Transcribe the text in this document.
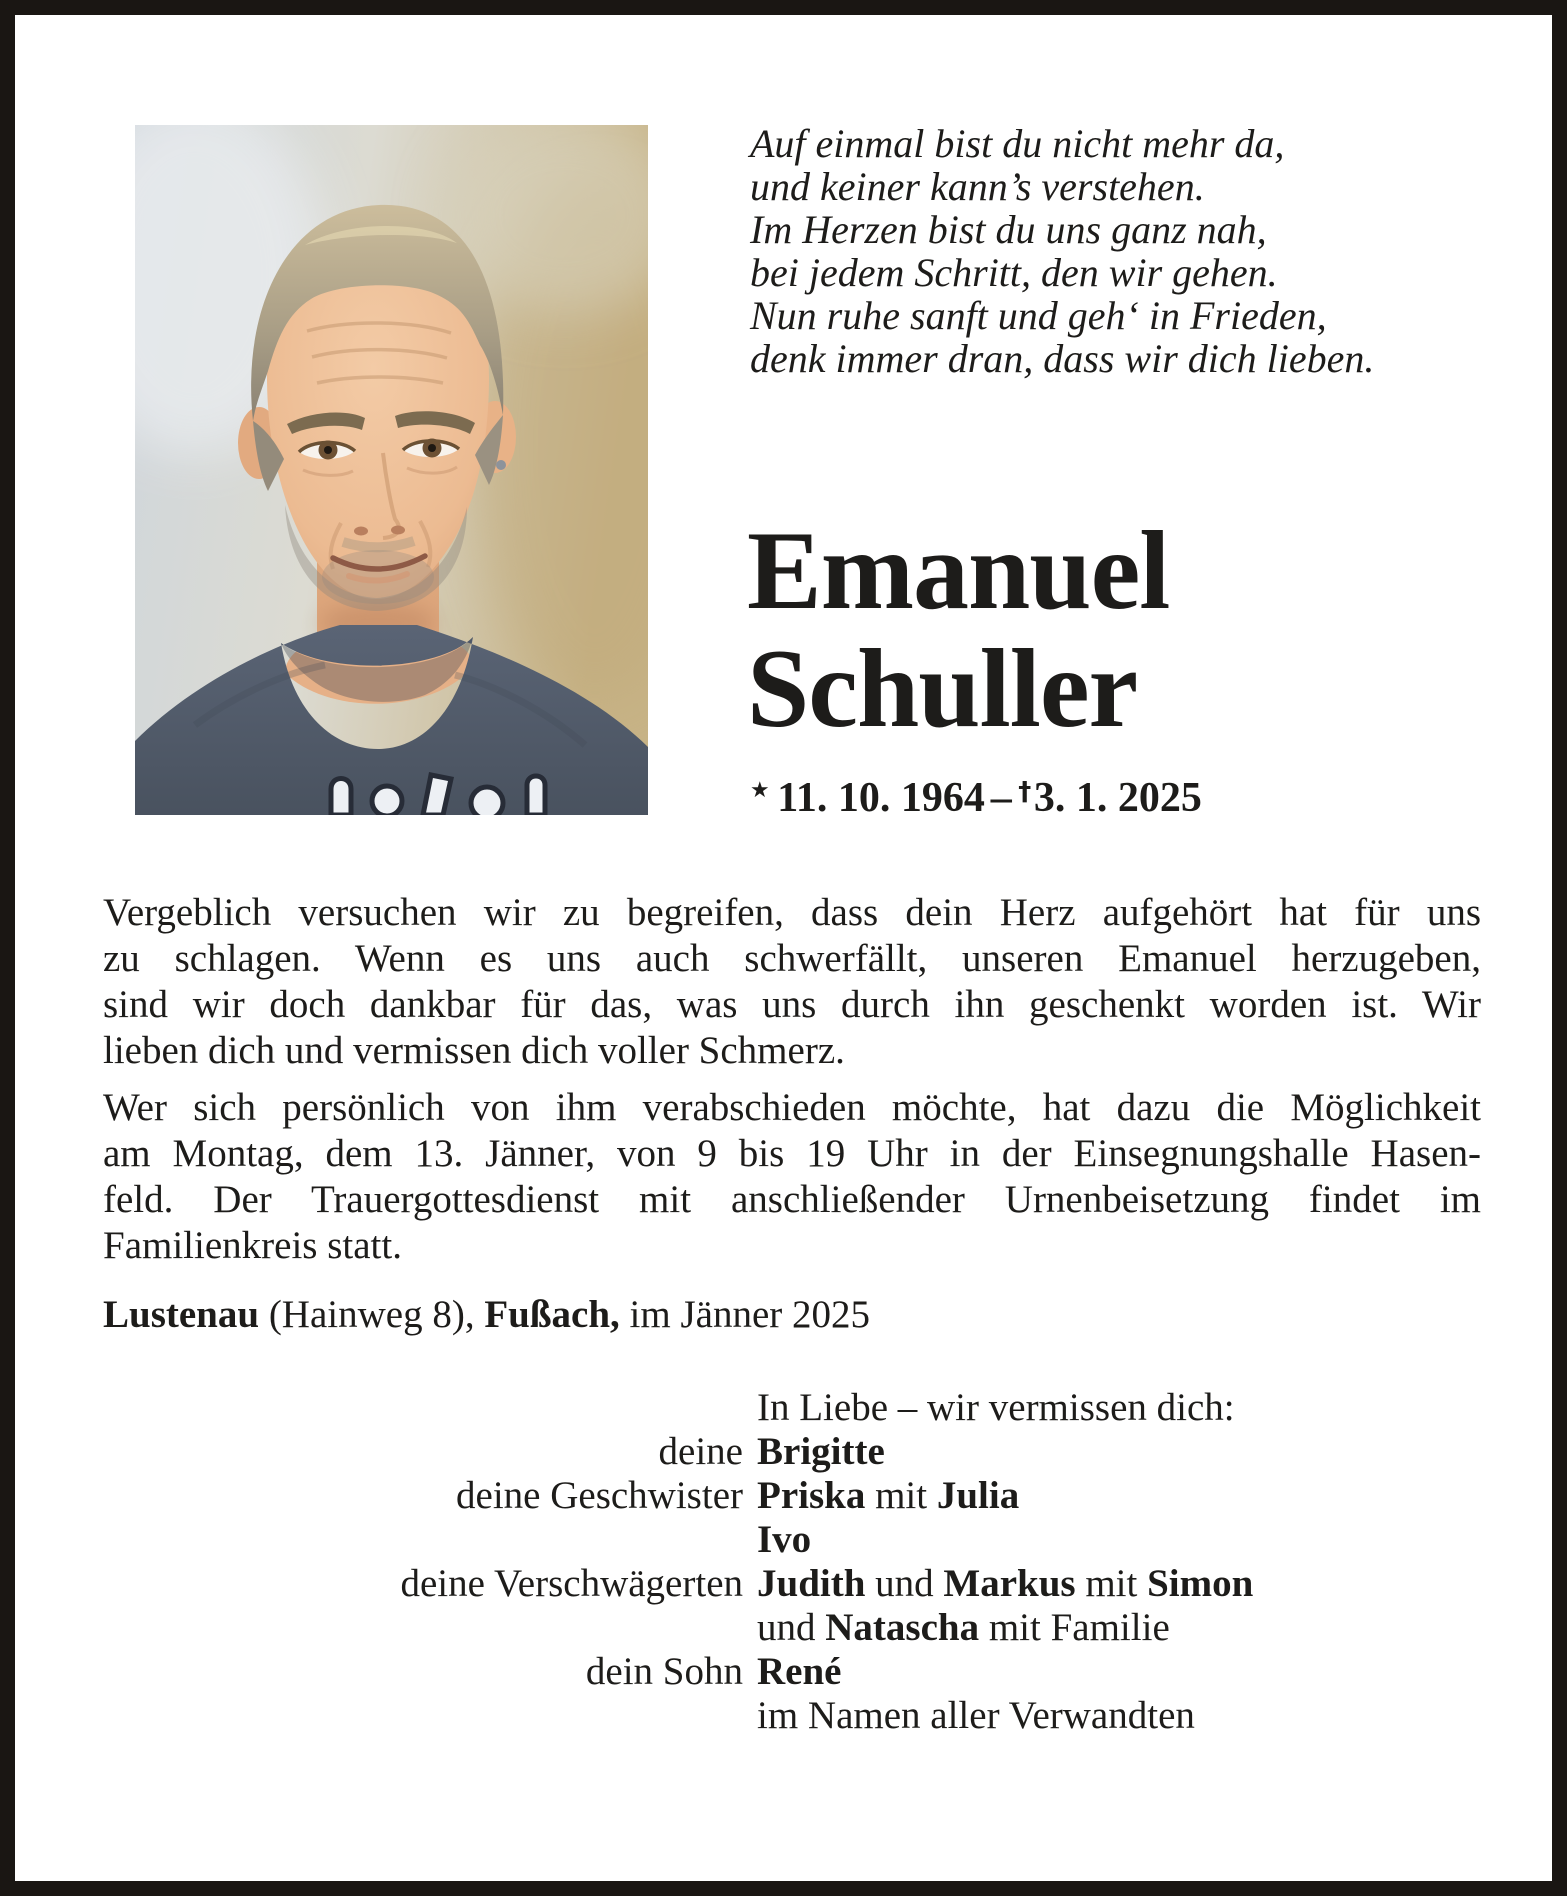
Auf einmal bist du nicht mehr da,
und keiner kann’s verstehen.
Im Herzen bist du uns ganz nah,
bei jedem Schritt, den wir gehen.
Nun ruhe sanft und geh‘ in Frieden,
denk immer dran, dass wir dich lieben.
Emanuel
Schuller
★ 11. 10. 1964 – †3. 1. 2025
Vergeblich versuchen wir zu begreifen, dass dein Herz aufgehört hat für uns
zu schlagen. Wenn es uns auch schwerfällt, unseren Emanuel herzugeben,
sind wir doch dankbar für das, was uns durch ihn geschenkt worden ist. Wir
lieben dich und vermissen dich voller Schmerz.
Wer sich persönlich von ihm verabschieden möchte, hat dazu die Möglichkeit
am Montag, dem 13. Jänner, von 9 bis 19 Uhr in der Einsegnungshalle Hasen-
feld. Der Trauergottesdienst mit anschließender Urnenbeisetzung findet im
Familienkreis statt.
Lustenau (Hainweg 8), Fußach, im Jänner 2025
In Liebe – wir vermissen dich:
deine Brigitte
deine Geschwister Priska mit Julia
Ivo
deine Verschwägerten Judith und Markus mit Simon
und Natascha mit Familie
dein Sohn René
im Namen aller Verwandten
